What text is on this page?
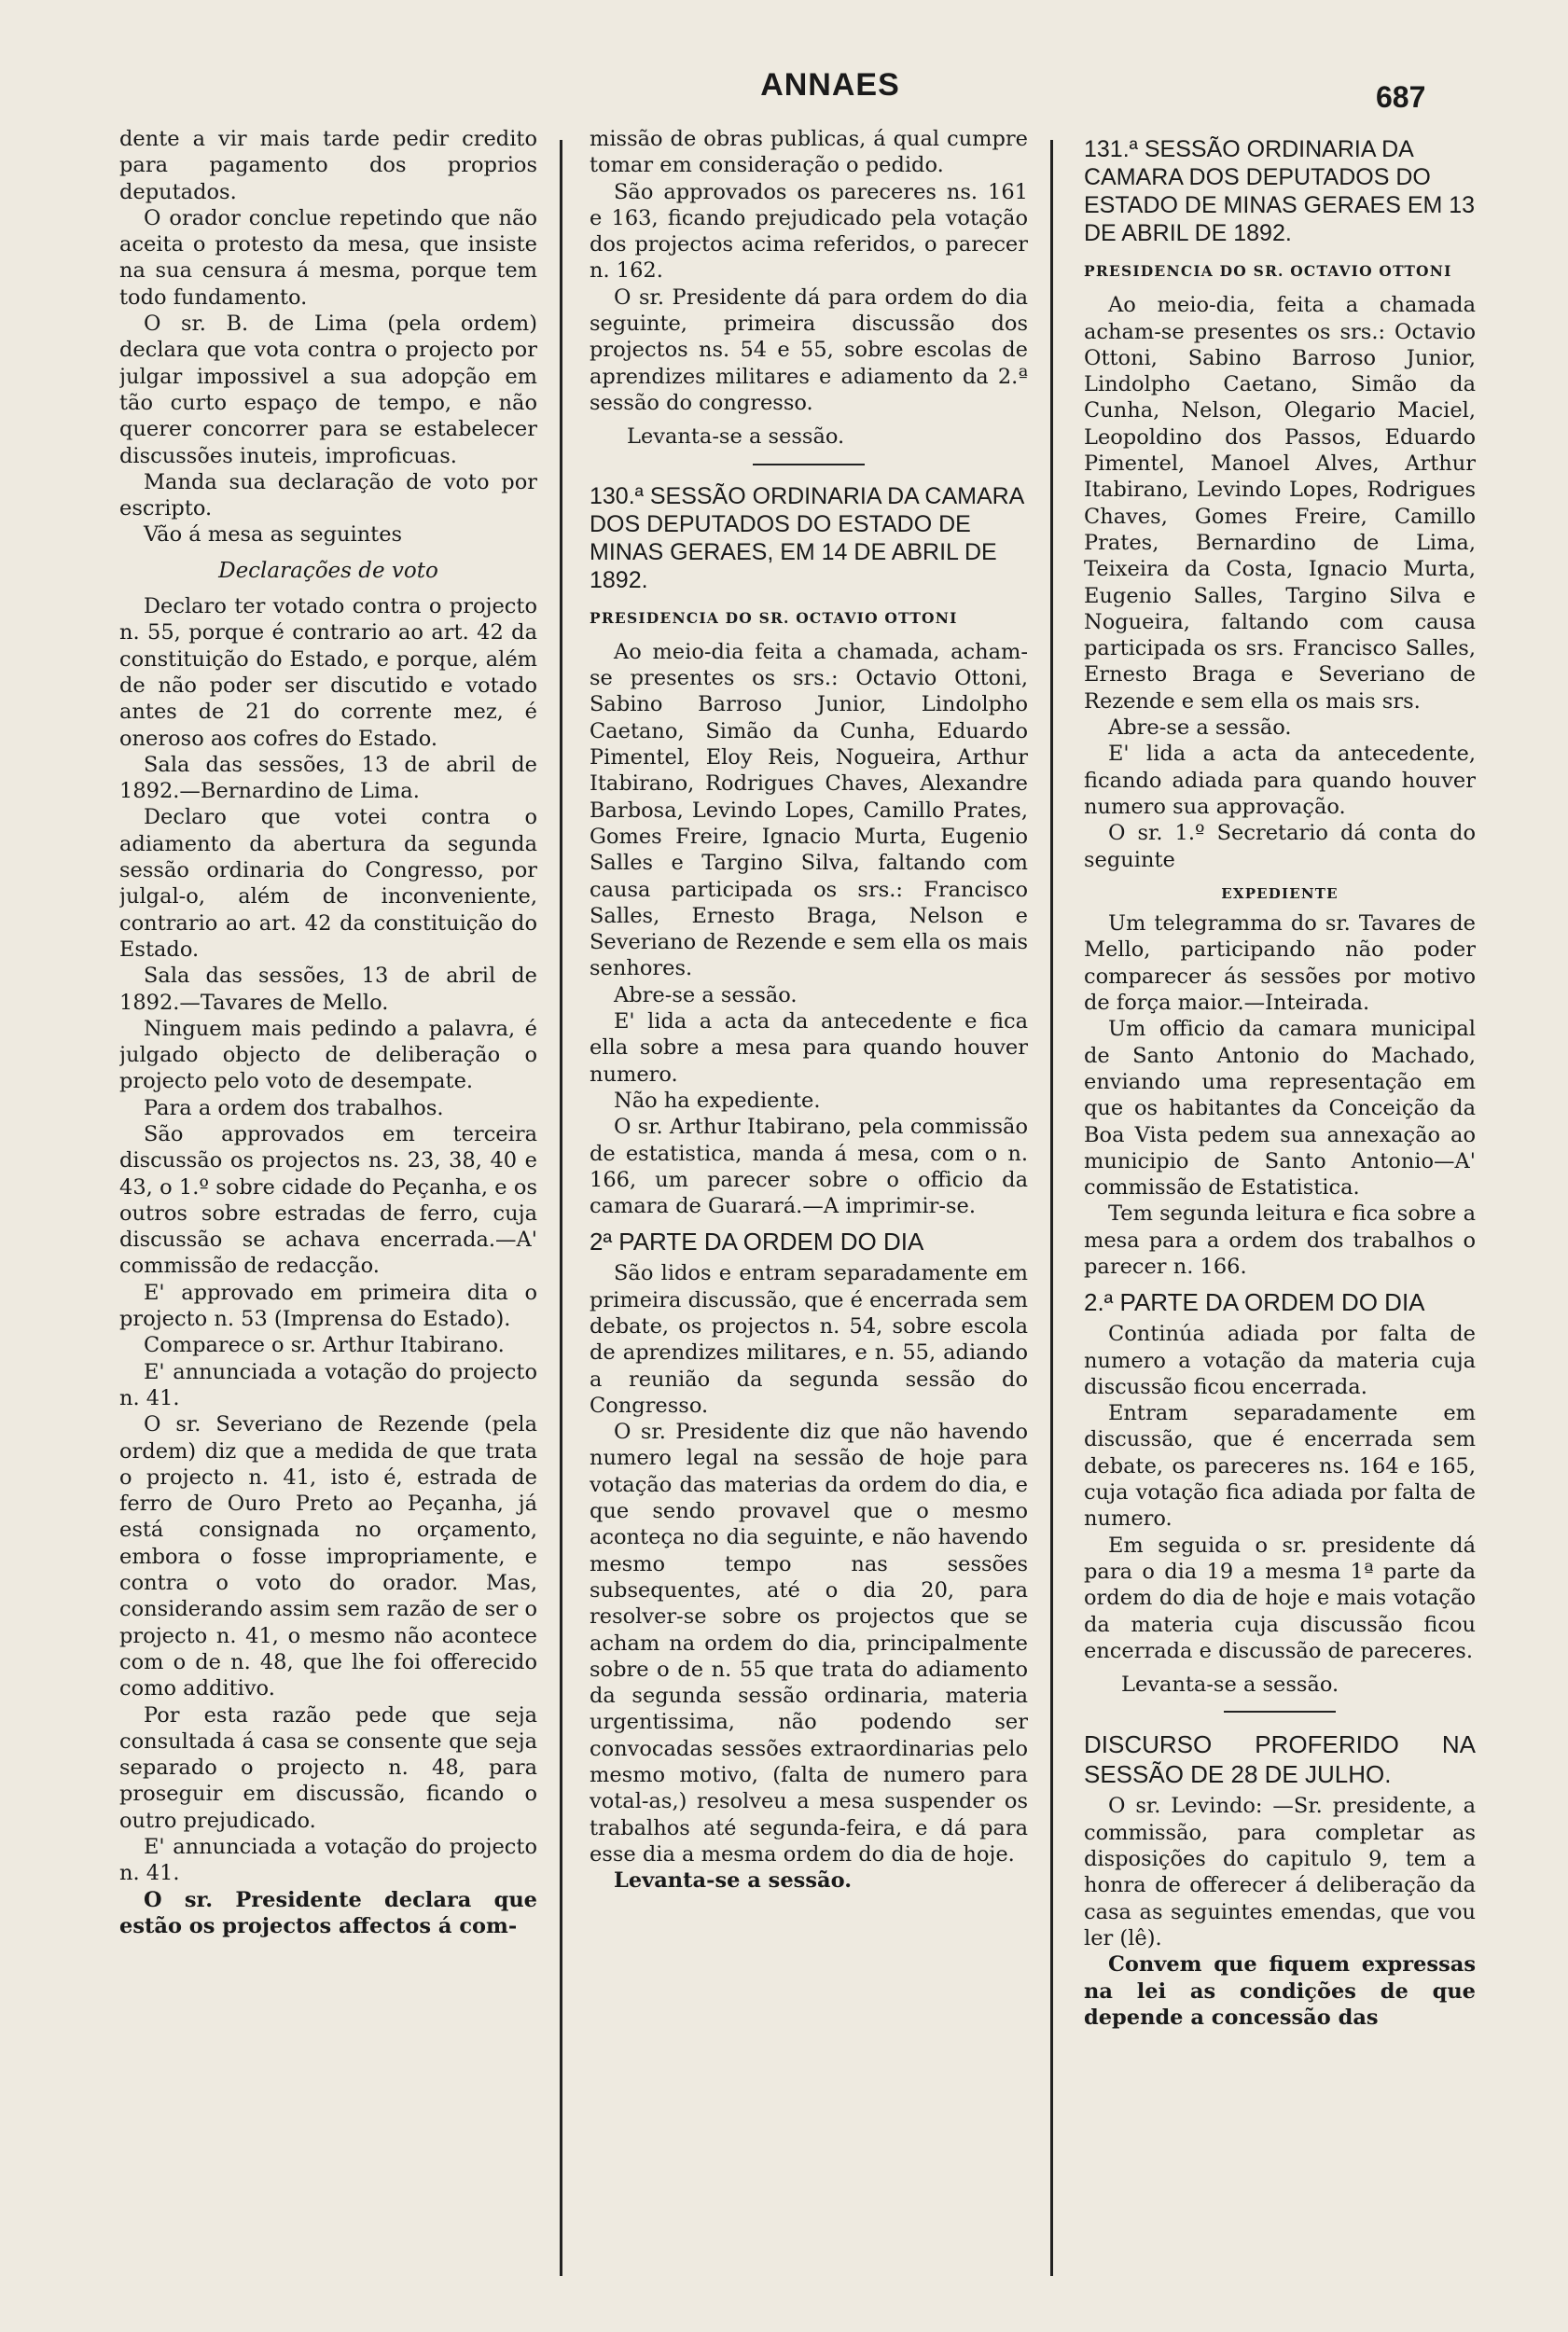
ANNAES	687

dente a vir mais tarde pedir credito para pagamento dos proprios deputados.

O orador conclue repetindo que não aceita o protesto da mesa, que insiste na sua censura á mesma, porque tem todo fundamento.

O sr. B. de Lima (pela ordem) declara que vota contra o projecto por julgar impossivel a sua adopção em tão curto espaço de tempo, e não querer concorrer para se estabelecer discussões inuteis, improficuas.

Manda sua declaração de voto por escripto.

Vão á mesa as seguintes

Declarações de voto

Declaro ter votado contra o projecto n. 55, porque é contrario ao art. 42 da constituição do Estado, e porque, além de não poder ser discutido e votado antes de 21 do corrente mez, é oneroso aos cofres do Estado.

Sala das sessões, 13 de abril de 1892.—Bernardino de Lima.

Declaro que votei contra o adiamento da abertura da segunda sessão ordinaria do Congresso, por julgal-o, além de inconveniente, contrario ao art. 42 da constituição do Estado.

Sala das sessões, 13 de abril de 1892.—Tavares de Mello.

Ninguem mais pedindo a palavra, é julgado objecto de deliberação o projecto pelo voto de desempate.

Para a ordem dos trabalhos.

São approvados em terceira discussão os projectos ns. 23, 38, 40 e 43, o 1.º sobre cidade do Peçanha, e os outros sobre estradas de ferro, cuja discussão se achava encerrada.—A' commissão de redacção.

E' approvado em primeira dita o projecto n. 53 (Imprensa do Estado).

Comparece o sr. Arthur Itabirano.

E' annunciada a votação do projecto n. 41.

O sr. Severiano de Rezende (pela ordem) diz que a medida de que trata o projecto n. 41, isto é, estrada de ferro de Ouro Preto ao Peçanha, já está consignada no orçamento, embora o fosse impropriamente, e contra o voto do orador. Mas, considerando assim sem razão de ser o projecto n. 41, o mesmo não acontece com o de n. 48, que lhe foi offerecido como additivo.

Por esta razão pede que seja consultada á casa se consente que seja separado o projecto n. 48, para proseguir em discussão, ficando o outro prejudicado.

E' annunciada a votação do projecto n. 41.

O sr. Presidente declara que estão os projectos affectos á com-

missão de obras publicas, á qual cumpre tomar em consideração o pedido.

São approvados os pareceres ns. 161 e 163, ficando prejudicado pela votação dos projectos acima referidos, o parecer n. 162.

O sr. Presidente dá para ordem do dia seguinte, primeira discussão dos projectos ns. 54 e 55, sobre escolas de aprendizes militares e adiamento da 2.ª sessão do congresso.

Levanta-se a sessão.

130.ª SESSÃO ORDINARIA DA CAMARA DOS DEPUTADOS DO ESTADO DE MINAS GERAES, EM 14 DE ABRIL DE 1892.

PRESIDENCIA DO SR. OCTAVIO OTTONI

Ao meio-dia feita a chamada, acham-se presentes os srs.: Octavio Ottoni, Sabino Barroso Junior, Lindolpho Caetano, Simão da Cunha, Eduardo Pimentel, Eloy Reis, Nogueira, Arthur Itabirano, Rodrigues Chaves, Alexandre Barbosa, Levindo Lopes, Camillo Prates, Gomes Freire, Ignacio Murta, Eugenio Salles e Targino Silva, faltando com causa participada os srs.: Francisco Salles, Ernesto Braga, Nelson e Severiano de Rezende e sem ella os mais senhores.

Abre-se a sessão.

E' lida a acta da antecedente e fica ella sobre a mesa para quando houver numero.

Não ha expediente.

O sr. Arthur Itabirano, pela commissão de estatistica, manda á mesa, com o n. 166, um parecer sobre o officio da camara de Guarará.—A imprimir-se.

2ª PARTE DA ORDEM DO DIA

São lidos e entram separadamente em primeira discussão, que é encerrada sem debate, os projectos n. 54, sobre escola de aprendizes militares, e n. 55, adiando a reunião da segunda sessão do Congresso.

O sr. Presidente diz que não havendo numero legal na sessão de hoje para votação das materias da ordem do dia, e que sendo provavel que o mesmo aconteça no dia seguinte, e não havendo mesmo tempo nas sessões subsequentes, até o dia 20, para resolver-se sobre os projectos que se acham na ordem do dia, principalmente sobre o de n. 55 que trata do adiamento da segunda sessão ordinaria, materia urgentissima, não podendo ser convocadas sessões extraordinarias pelo mesmo motivo, (falta de numero para votal-as,) resolveu a mesa suspender os trabalhos até segunda-feira, e dá para esse dia a mesma ordem do dia de hoje.

Levanta-se a sessão.

131.ª SESSÃO ORDINARIA DA CAMARA DOS DEPUTADOS DO ESTADO DE MINAS GERAES EM 13 DE ABRIL DE 1892.

PRESIDENCIA DO SR. OCTAVIO OTTONI

Ao meio-dia, feita a chamada acham-se presentes os srs.: Octavio Ottoni, Sabino Barroso Junior, Lindolpho Caetano, Simão da Cunha, Nelson, Olegario Maciel, Leopoldino dos Passos, Eduardo Pimentel, Manoel Alves, Arthur Itabirano, Levindo Lopes, Rodrigues Chaves, Gomes Freire, Camillo Prates, Bernardino de Lima, Teixeira da Costa, Ignacio Murta, Eugenio Salles, Targino Silva e Nogueira, faltando com causa participada os srs. Francisco Salles, Ernesto Braga e Severiano de Rezende e sem ella os mais srs.

Abre-se a sessão.

E' lida a acta da antecedente, ficando adiada para quando houver numero sua approvação.

O sr. 1.º Secretario dá conta do seguinte

EXPEDIENTE

Um telegramma do sr. Tavares de Mello, participando não poder comparecer ás sessões por motivo de força maior.—Inteirada.

Um officio da camara municipal de Santo Antonio do Machado, enviando uma representação em que os habitantes da Conceição da Boa Vista pedem sua annexação ao municipio de Santo Antonio—A' commissão de Estatistica.

Tem segunda leitura e fica sobre a mesa para a ordem dos trabalhos o parecer n. 166.

2.ª PARTE DA ORDEM DO DIA

Continúa adiada por falta de numero a votação da materia cuja discussão ficou encerrada.

Entram separadamente em discussão, que é encerrada sem debate, os pareceres ns. 164 e 165, cuja votação fica adiada por falta de numero.

Em seguida o sr. presidente dá para o dia 19 a mesma 1ª parte da ordem do dia de hoje e mais votação da materia cuja discussão ficou encerrada e discussão de pareceres.

Levanta-se a sessão.

DISCURSO PROFERIDO NA SESSÃO DE 28 DE JULHO.

O sr. Levindo: —Sr. presidente, a commissão, para completar as disposições do capitulo 9, tem a honra de offerecer á deliberação da casa as seguintes emendas, que vou ler (lê).

Convem que fiquem expressas na lei as condições de que depende a concessão das
